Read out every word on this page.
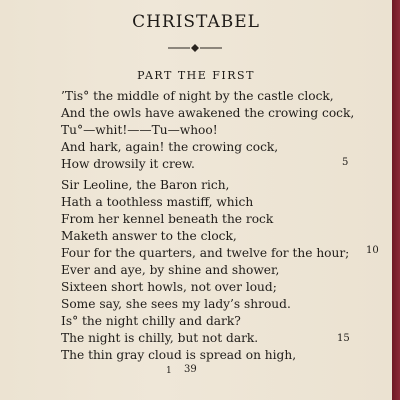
CHRISTABEL
PART THE FIRST
’Tis° the middle of night by the castle clock,
And the owls have awakened the crowing cock,
Tu°—whit!——Tu—whoo!
And hark, again! the crowing cock,
How drowsily it crew.
Sir Leoline, the Baron rich,
Hath a toothless mastiff, which
From her kennel beneath the rock
Maketh answer to the clock,
Four for the quarters, and twelve for the hour;
Ever and aye, by shine and shower,
Sixteen short howls, not over loud;
Some say, she sees my lady’s shroud.
Is° the night chilly and dark?
The night is chilly, but not dark.
The thin gray cloud is spread on high,
5
10
15
1 39
